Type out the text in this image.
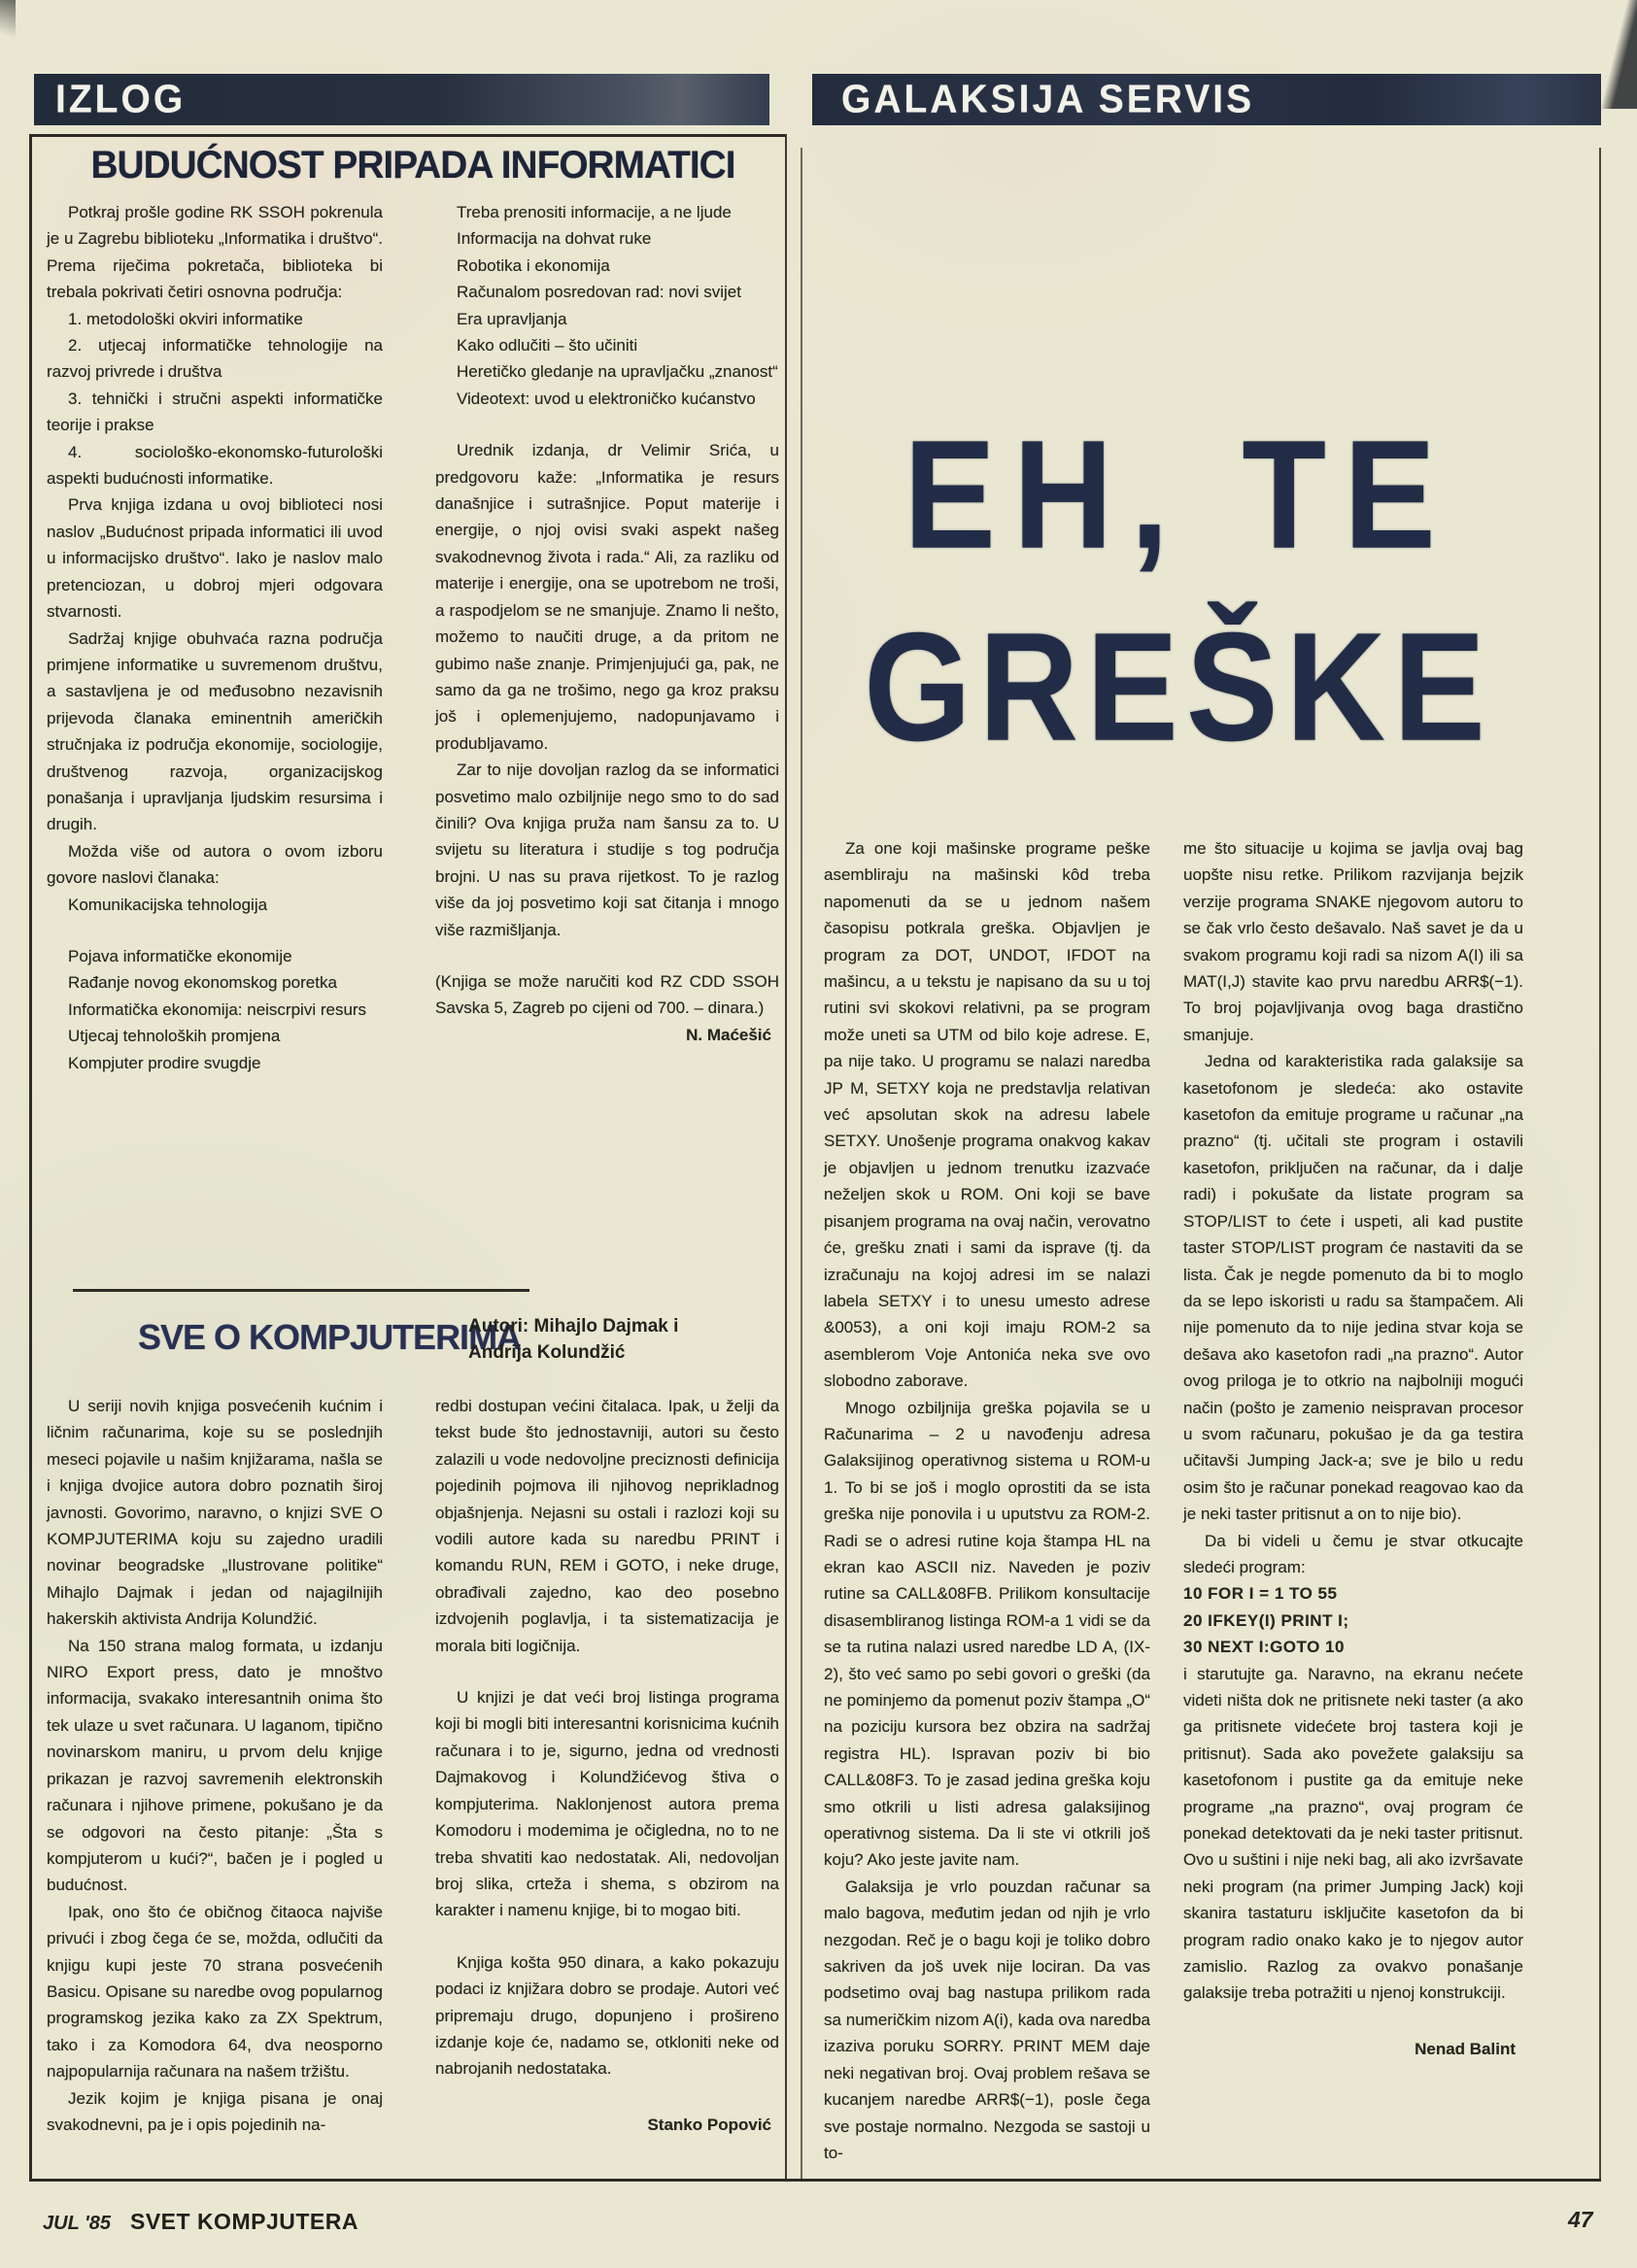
IZLOG	GALAKSIJA SERVIS
BUDUĆNOST PRIPADA INFORMATICI

Potkraj prošle godine RK SSOH pokrenula je u Zagrebu biblioteku „Informatika i društvo“. Prema riječima pokretača, biblioteka bi trebala pokrivati četiri osnovna područja:

1. metodološki okviri informatike

2. utjecaj informatičke tehnologije na razvoj privrede i društva

3. tehnički i stručni aspekti informatičke teorije i prakse

4. sociološko-ekonomsko-futurološki aspekti budućnosti informatike.

Prva knjiga izdana u ovoj biblioteci nosi naslov „Budućnost pripada informatici ili uvod u informacijsko društvo“. Iako je naslov malo pretenciozan, u dobroj mjeri odgovara stvarnosti.

Sadržaj knjige obuhvaća razna područja primjene informatike u suvremenom društvu, a sastavljena je od međusobno nezavisnih prijevoda članaka eminentnih američkih stručnjaka iz područja ekonomije, sociologije, društvenog razvoja, organizacijskog ponašanja i upravljanja ljudskim resursima i drugih.

Možda više od autora o ovom izboru govore naslovi članaka:

Komunikacijska tehnologija

Pojava informatičke ekonomije

Rađanje novog ekonomskog poretka

Informatička ekonomija: neiscrpivi resurs

Utjecaj tehnoloških promjena

Kompjuter prodire svugdje

Treba prenositi informacije, a ne ljude

Informacija na dohvat ruke

Robotika i ekonomija

Računalom posredovan rad: novi svijet

Era upravljanja

Kako odlučiti – što učiniti

Heretičko gledanje na upravljačku „znanost“

Videotext: uvod u elektroničko kućanstvo

Urednik izdanja, dr Velimir Srića, u predgovoru kaže: „Informatika je resurs današnjice i sutrašnjice. Poput materije i energije, o njoj ovisi svaki aspekt našeg svakodnevnog života i rada.“ Ali, za razliku od materije i energije, ona se upotrebom ne troši, a raspodjelom se ne smanjuje. Znamo li nešto, možemo to naučiti druge, a da pritom ne gubimo naše znanje. Primjenjujući ga, pak, ne samo da ga ne trošimo, nego ga kroz praksu još i oplemenjujemo, nadopunjavamo i produbljavamo.

Zar to nije dovoljan razlog da se informatici posvetimo malo ozbiljnije nego smo to do sad činili? Ova knjiga pruža nam šansu za to. U svijetu su literatura i studije s tog područja brojni. U nas su prava rijetkost. To je razlog više da joj posvetimo koji sat čitanja i mnogo više razmišljanja.

(Knjiga se može naručiti kod RZ CDD SSOH Savska 5, Zagreb po cijeni od 700. – dinara.)

N. Maćešić

SVE O KOMPJUTERIMA

Autori: Mihajlo Dajmak i

Andrija Kolundžić

U seriji novih knjiga posvećenih kućnim i ličnim računarima, koje su se poslednjih meseci pojavile u našim knjižarama, našla se i knjiga dvojice autora dobro poznatih široj javnosti. Govorimo, naravno, o knjizi SVE O KOMPJUTERIMA koju su zajedno uradili novinar beogradske „Ilustrovane politike“ Mihajlo Dajmak i jedan od najagilnijih hakerskih aktivista Andrija Kolundžić.

Na 150 strana malog formata, u izdanju NIRO Export press, dato je mnoštvo informacija, svakako interesantnih onima što tek ulaze u svet računara. U laganom, tipično novinarskom maniru, u prvom delu knjige prikazan je razvoj savremenih elektronskih računara i njihove primene, pokušano je da se odgovori na često pitanje: „Šta s kompjuterom u kući?“, bačen je i pogled u budućnost.

Ipak, ono što će običnog čitaoca najviše privući i zbog čega će se, možda, odlučiti da knjigu kupi jeste 70 strana posvećenih Basicu. Opisane su naredbe ovog popularnog programskog jezika kako za ZX Spektrum, tako i za Komodora 64, dva neosporno najpopularnija računara na našem tržištu.

Jezik kojim je knjiga pisana je onaj svakodnevni, pa je i opis pojedinih na-

redbi dostupan većini čitalaca. Ipak, u želji da tekst bude što jednostavniji, autori su često zalazili u vode nedovoljne preciznosti definicija pojedinih pojmova ili njihovog neprikladnog objašnjenja. Nejasni su ostali i razlozi koji su vodili autore kada su naredbu PRINT i komandu RUN, REM i GOTO, i neke druge, obrađivali zajedno, kao deo posebno izdvojenih poglavlja, i ta sistematizacija je morala biti logičnija.

U knjizi je dat veći broj listinga programa koji bi mogli biti interesantni korisnicima kućnih računara i to je, sigurno, jedna od vrednosti Dajmakovog i Kolundžićevog štiva o kompjuterima. Naklonjenost autora prema Komodoru i modemima je očigledna, no to ne treba shvatiti kao nedostatak. Ali, nedovoljan broj slika, crteža i shema, s obzirom na karakter i namenu knjige, bi to mogao biti.

Knjiga košta 950 dinara, a kako pokazuju podaci iz knjižara dobro se prodaje. Autori već pripremaju drugo, dopunjeno i prošireno izdanje koje će, nadamo se, otkloniti neke od nabrojanih nedostataka.

Stanko Popović

EH, TE
GREŠKE

Za one koji mašinske programe peške asembliraju na mašinski kôd treba napomenuti da se u jednom našem časopisu potkrala greška. Objavljen je program za DOT, UNDOT, IFDOT na mašincu, a u tekstu je napisano da su u toj rutini svi skokovi relativni, pa se program može uneti sa UTM od bilo koje adrese. E, pa nije tako. U programu se nalazi naredba JP M, SETXY koja ne predstavlja relativan već apsolutan skok na adresu labele SETXY. Unošenje programa onakvog kakav je objavljen u jednom trenutku izazvaće neželjen skok u ROM. Oni koji se bave pisanjem programa na ovaj način, verovatno će, grešku znati i sami da isprave (tj. da izračunaju na kojoj adresi im se nalazi labela SETXY i to unesu umesto adrese &0053), a oni koji imaju ROM-2 sa asemblerom Voje Antonića neka sve ovo slobodno zaborave.

Mnogo ozbiljnija greška pojavila se u Računarima – 2 u navođenju adresa Galaksijinog operativnog sistema u ROM-u 1. To bi se još i moglo oprostiti da se ista greška nije ponovila i u uputstvu za ROM-2. Radi se o adresi rutine koja štampa HL na ekran kao ASCII niz. Naveden je poziv rutine sa CALL&08FB. Prilikom konsultacije disasembliranog listinga ROM-a 1 vidi se da se ta rutina nalazi usred naredbe LD A, (IX-2), što već samo po sebi govori o greški (da ne pominjemo da pomenut poziv štampa „O“ na poziciju kursora bez obzira na sadržaj registra HL). Ispravan poziv bi bio CALL&08F3. To je zasad jedina greška koju smo otkrili u listi adresa galaksijinog operativnog sistema. Da li ste vi otkrili još koju? Ako jeste javite nam.

Galaksija je vrlo pouzdan računar sa malo bagova, međutim jedan od njih je vrlo nezgodan. Reč je o bagu koji je toliko dobro sakriven da još uvek nije lociran. Da vas podsetimo ovaj bag nastupa prilikom rada sa numeričkim nizom A(i), kada ova naredba izaziva poruku SORRY. PRINT MEM daje neki negativan broj. Ovaj problem rešava se kucanjem naredbe ARR$(−1), posle čega sve postaje normalno. Nezgoda se sastoji u to-

me što situacije u kojima se javlja ovaj bag uopšte nisu retke. Prilikom razvijanja bejzik verzije programa SNAKE njegovom autoru to se čak vrlo često dešavalo. Naš savet je da u svakom programu koji radi sa nizom A(I) ili sa MAT(I,J) stavite kao prvu naredbu ARR$(−1). To broj pojavljivanja ovog baga drastično smanjuje.

Jedna od karakteristika rada galaksije sa kasetofonom je sledeća: ako ostavite kasetofon da emituje programe u računar „na prazno“ (tj. učitali ste program i ostavili kasetofon, priključen na računar, da i dalje radi) i pokušate da listate program sa STOP/LIST to ćete i uspeti, ali kad pustite taster STOP/LIST program će nastaviti da se lista. Čak je negde pomenuto da bi to moglo da se lepo iskoristi u radu sa štampačem. Ali nije pomenuto da to nije jedina stvar koja se dešava ako kasetofon radi „na prazno“. Autor ovog priloga je to otkrio na najbolniji mogući način (pošto je zamenio neispravan procesor u svom računaru, pokušao je da ga testira učitavši Jumping Jack-a; sve je bilo u redu osim što je računar ponekad reagovao kao da je neki taster pritisnut a on to nije bio).

Da bi videli u čemu je stvar otkucajte sledeći program:

10 FOR I = 1 TO 55

20 IFKEY(I) PRINT I;

30 NEXT I:GOTO 10

i starutujte ga. Naravno, na ekranu nećete videti ništa dok ne pritisnete neki taster (a ako ga pritisnete videćete broj tastera koji je pritisnut). Sada ako povežete galaksiju sa kasetofonom i pustite ga da emituje neke programe „na prazno“, ovaj program će ponekad detektovati da je neki taster pritisnut. Ovo u suštini i nije neki bag, ali ako izvršavate neki program (na primer Jumping Jack) koji skanira tastaturu isključite kasetofon da bi program radio onako kako je to njegov autor zamislio. Razlog za ovakvo ponašanje galaksije treba potražiti u njenoj konstrukciji.

Nenad Balint

JUL '85 SVET KOMPJUTERA	47
